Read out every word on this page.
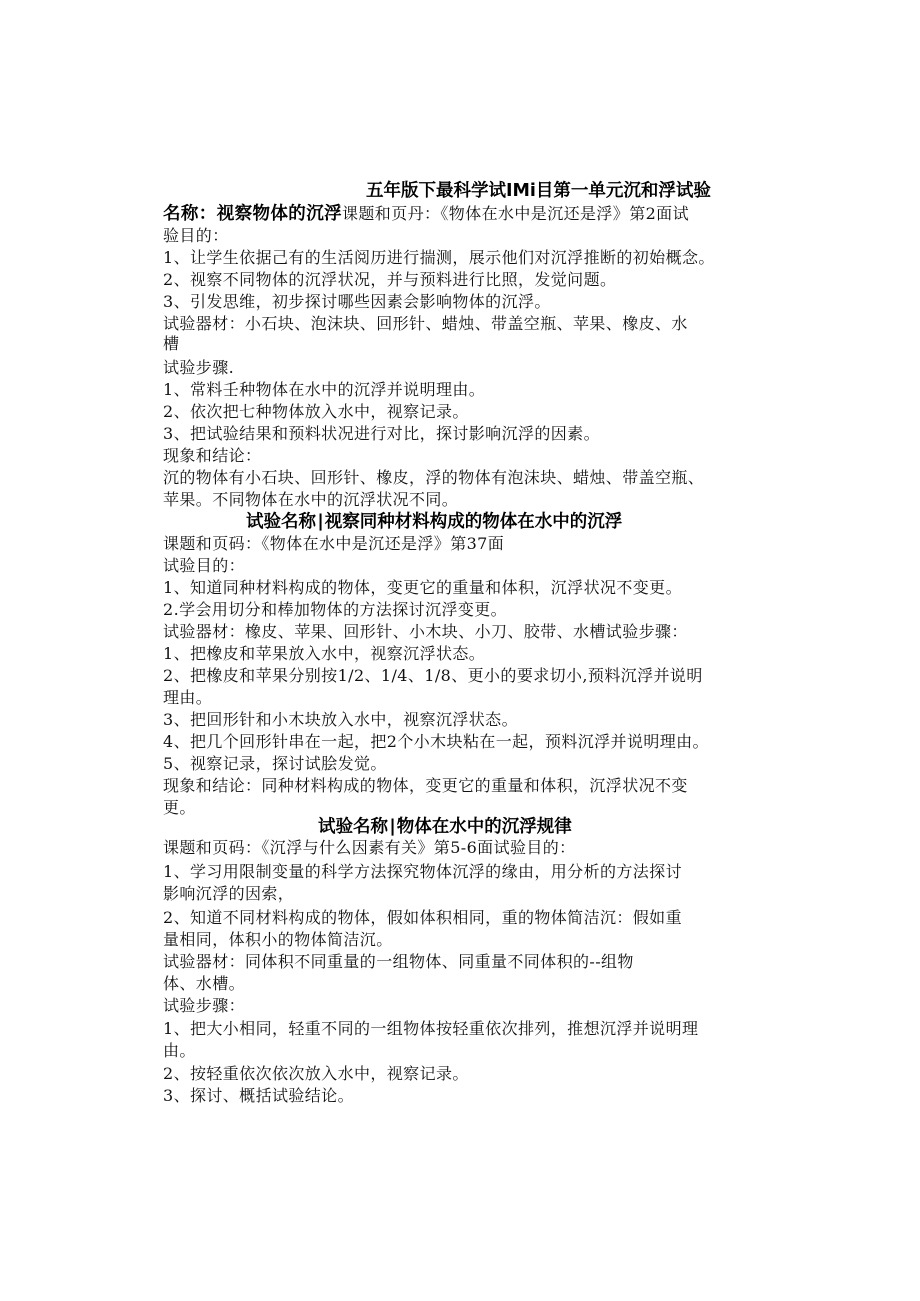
五年版下最科学试IMi目第一单元沉和浮试验
名称：视察物体的沉浮课题和页丹：《物体在水中是沉还是浮》第2面试
验目的：
1、让学生依据己有的生活阅历进行揣测，展示他们对沉浮推断的初始概念。
2、视察不同物体的沉浮状况，并与预料进行比照，发觉问题。
3、引发思维，初步探讨哪些因素会影响物体的沉浮。
试验器材：小石块、泡沫块、回形针、蜡烛、带盖空瓶、苹果、橡皮、水
槽
试验步骤.
1、常料壬种物体在水中的沉浮并说明理由。
2、依次把七种物体放入水中，视察记录。
3、把试验结果和预料状况进行对比，探讨影响沉浮的因素。
现象和结论：
沉的物体有小石块、回形针、橡皮，浮的物体有泡沫块、蜡烛、带盖空瓶、
苹果。不同物体在水中的沉浮状况不同。
试验名称∣视察同种材料构成的物体在水中的沉浮
课题和页码：《物体在水中是沉还是浮》第37面
试验目的：
1、知道同种材料构成的物体，变更它的重量和体积，沉浮状况不变更。
2.学会用切分和棒加物体的方法探讨沉浮变更。
试验器材：橡皮、苹果、回形针、小木块、小刀、胶带、水槽试验步骤：
1、把橡皮和苹果放入水中，视察沉浮状态。
2、把橡皮和苹果分别按1/2、1/4、1/8、更小的要求切小,预料沉浮并说明
理由。
3、把回形针和小木块放入水中，视察沉浮状态。
4、把几个回形针串在一起，把2个小木块粘在一起，预料沉浮并说明理由。
5、视察记录，探讨试脍发觉。
现象和结论：同种材料构成的物体，变更它的重量和体积，沉浮状况不变
更。
试验名称∣物体在水中的沉浮规律
课题和页码：《沉浮与什么因素有关》第5-6面试验目的：
1、学习用限制变量的科学方法探究物体沉浮的缘由，用分析的方法探讨
影响沉浮的因索，
2、知道不同材料构成的物体，假如体积相同，重的物体简洁沉：假如重
量相同，体积小的物体简洁沉。
试验器材：同体积不同重量的一组物体、同重量不同体积的--组物
体、水槽。
试验步骤：
1、把大小相同，轻重不同的一组物体按轻重依次排列，推想沉浮并说明理
由。
2、按轻重依次依次放入水中，视察记录。
3、探讨、概括试验结论。
